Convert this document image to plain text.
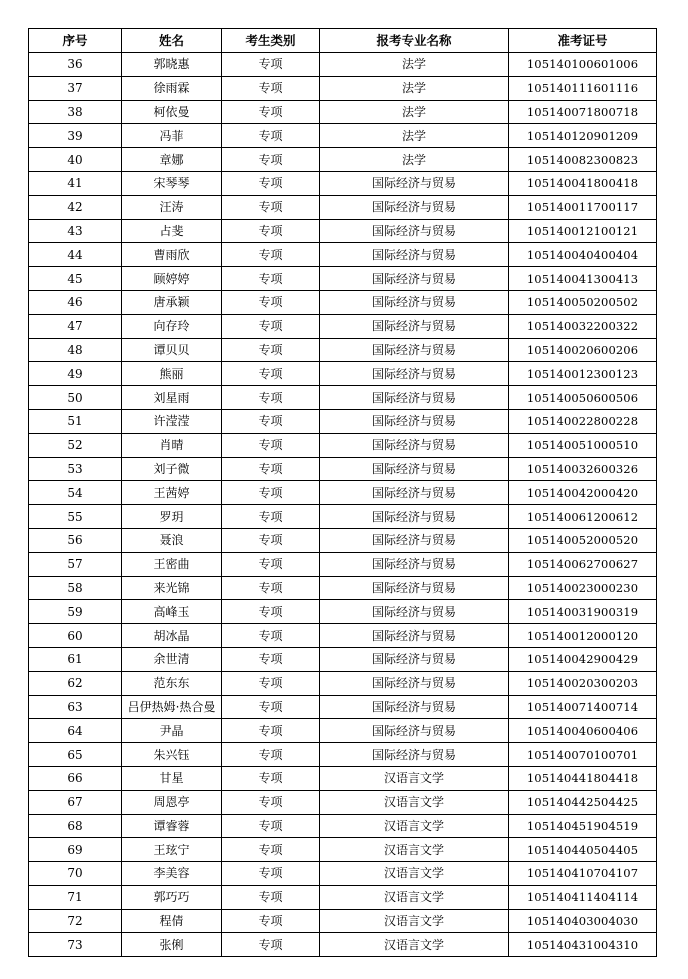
序号	姓名	考生类别	报考专业名称	准考证号
36	郭晓惠	专项	法学	105140100601006
37	徐雨霖	专项	法学	105140111601116
38	柯依曼	专项	法学	105140071800718
39	冯菲	专项	法学	105140120901209
40	章娜	专项	法学	105140082300823
41	宋琴琴	专项	国际经济与贸易	105140041800418
42	汪涛	专项	国际经济与贸易	105140011700117
43	占斐	专项	国际经济与贸易	105140012100121
44	曹雨欣	专项	国际经济与贸易	105140040400404
45	顾婷婷	专项	国际经济与贸易	105140041300413
46	唐承颖	专项	国际经济与贸易	105140050200502
47	向存玲	专项	国际经济与贸易	105140032200322
48	谭贝贝	专项	国际经济与贸易	105140020600206
49	熊丽	专项	国际经济与贸易	105140012300123
50	刘星雨	专项	国际经济与贸易	105140050600506
51	许滢滢	专项	国际经济与贸易	105140022800228
52	肖晴	专项	国际经济与贸易	105140051000510
53	刘子微	专项	国际经济与贸易	105140032600326
54	王茜婷	专项	国际经济与贸易	105140042000420
55	罗玥	专项	国际经济与贸易	105140061200612
56	聂浪	专项	国际经济与贸易	105140052000520
57	王密曲	专项	国际经济与贸易	105140062700627
58	来光锦	专项	国际经济与贸易	105140023000230
59	高峰玉	专项	国际经济与贸易	105140031900319
60	胡冰晶	专项	国际经济与贸易	105140012000120
61	余世清	专项	国际经济与贸易	105140042900429
62	范东东	专项	国际经济与贸易	105140020300203
63	吕伊热姆·热合曼	专项	国际经济与贸易	105140071400714
64	尹晶	专项	国际经济与贸易	105140040600406
65	朱兴钰	专项	国际经济与贸易	105140070100701
66	甘星	专项	汉语言文学	105140441804418
67	周恩亭	专项	汉语言文学	105140442504425
68	谭睿蓉	专项	汉语言文学	105140451904519
69	王玹宁	专项	汉语言文学	105140440504405
70	李美容	专项	汉语言文学	105140410704107
71	郭巧巧	专项	汉语言文学	105140411404114
72	程倩	专项	汉语言文学	105140403004030
73	张俐	专项	汉语言文学	105140431004310
